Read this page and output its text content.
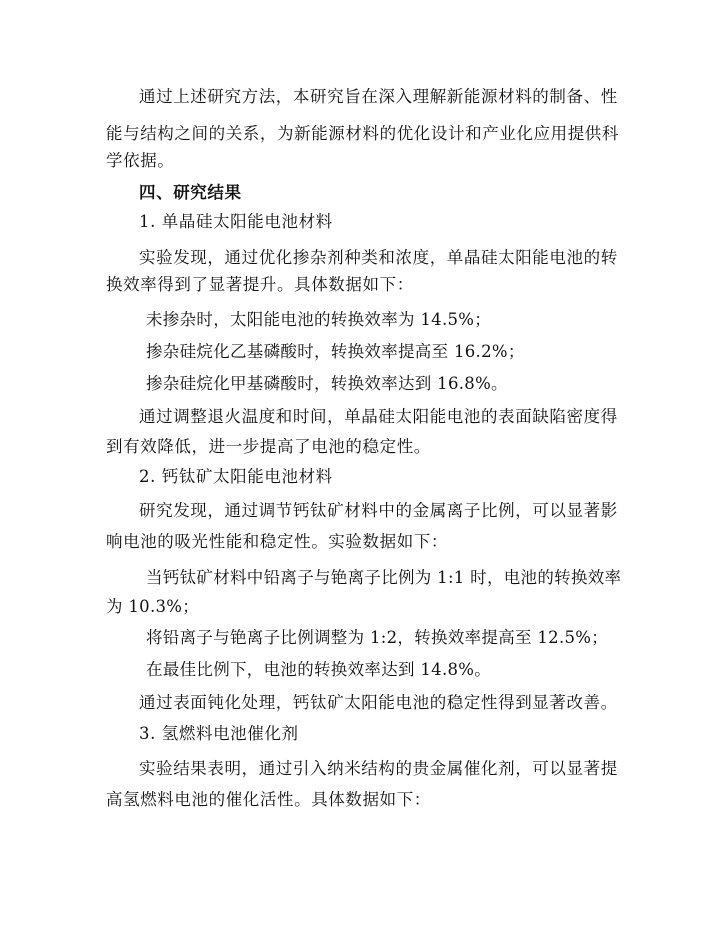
通过上述研究方法，本研究旨在深入理解新能源材料的制备、性
能与结构之间的关系，为新能源材料的优化设计和产业化应用提供科
学依据。
四、研究结果
1. 单晶硅太阳能电池材料
实验发现，通过优化掺杂剂种类和浓度，单晶硅太阳能电池的转
换效率得到了显著提升。具体数据如下：
未掺杂时，太阳能电池的转换效率为 14.5%；
掺杂硅烷化乙基磷酸时，转换效率提高至 16.2%；
掺杂硅烷化甲基磷酸时，转换效率达到 16.8%。
通过调整退火温度和时间，单晶硅太阳能电池的表面缺陷密度得
到有效降低，进一步提高了电池的稳定性。
2. 钙钛矿太阳能电池材料
研究发现，通过调节钙钛矿材料中的金属离子比例，可以显著影
响电池的吸光性能和稳定性。实验数据如下：
当钙钛矿材料中铅离子与铯离子比例为 1:1 时，电池的转换效率
为 10.3%；
将铅离子与铯离子比例调整为 1:2，转换效率提高至 12.5%；
在最佳比例下，电池的转换效率达到 14.8%。
通过表面钝化处理，钙钛矿太阳能电池的稳定性得到显著改善。
3. 氢燃料电池催化剂
实验结果表明，通过引入纳米结构的贵金属催化剂，可以显著提
高氢燃料电池的催化活性。具体数据如下：
